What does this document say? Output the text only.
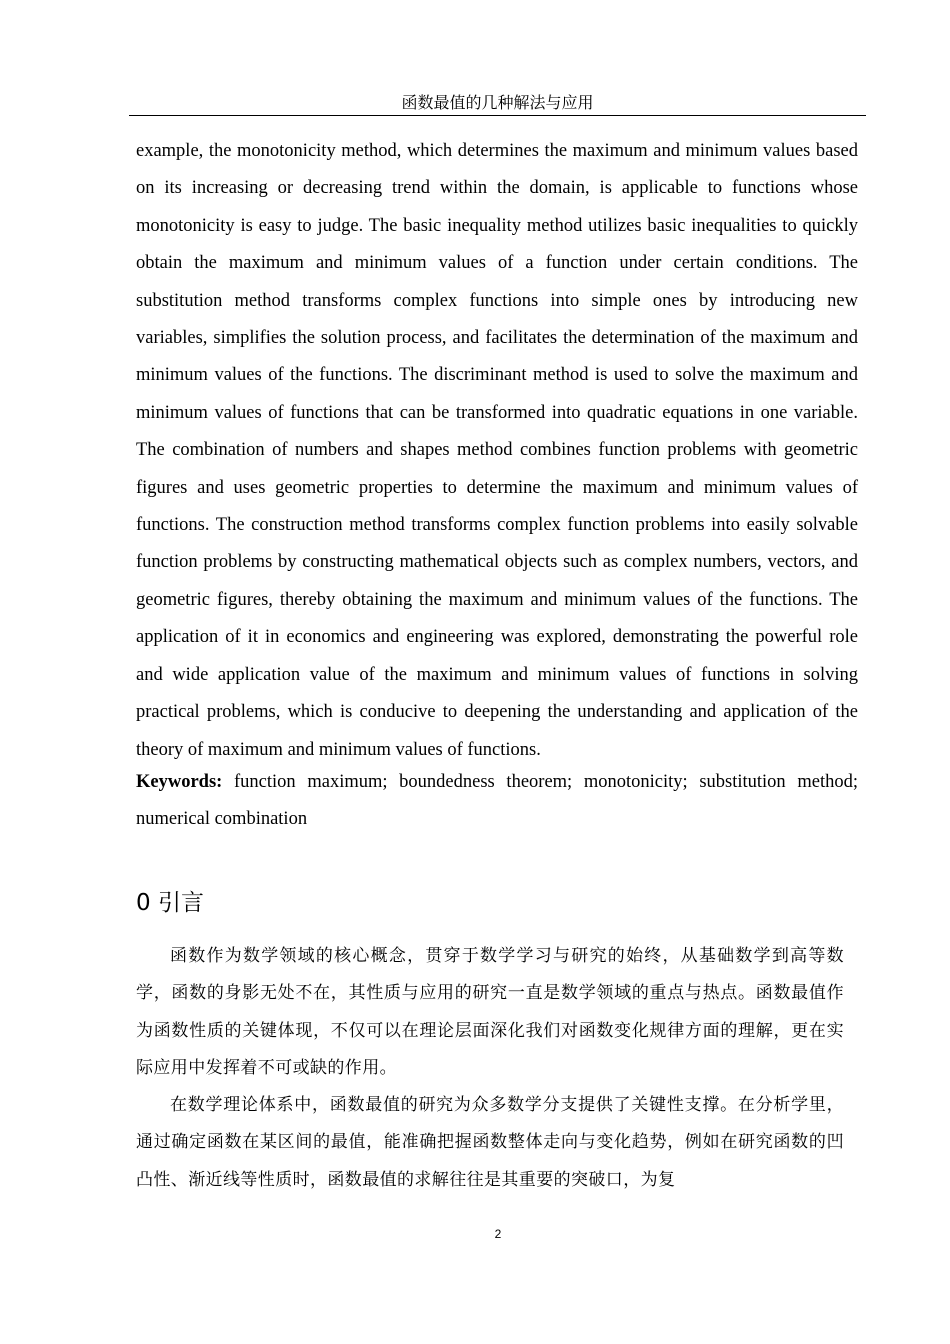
函数最值的几种解法与应用

example, the monotonicity method, which determines the maximum and minimum values based on its increasing or decreasing trend within the domain, is applicable to functions whose monotonicity is easy to judge. The basic inequality method utilizes basic inequalities to quickly obtain the maximum and minimum values of a function under certain conditions. The substitution method transforms complex functions into simple ones by introducing new variables, simplifies the solution process, and facilitates the determination of the maximum and minimum values of the functions. The discriminant method is used to solve the maximum and minimum values of functions that can be transformed into quadratic equations in one variable. The combination of numbers and shapes method combines function problems with geometric figures and uses geometric properties to determine the maximum and minimum values of functions. The construction method transforms complex function problems into easily solvable function problems by constructing mathematical objects such as complex numbers, vectors, and geometric figures, thereby obtaining the maximum and minimum values of the functions. The application of it in economics and engineering was explored, demonstrating the powerful role and wide application value of the maximum and minimum values of functions in solving practical problems, which is conducive to deepening the understanding and application of the theory of maximum and minimum values of functions.

Keywords: function maximum; boundedness theorem; monotonicity; substitution method; numerical combination

0 引言

函数作为数学领域的核心概念，贯穿于数学学习与研究的始终，从基础数学到高等数学，函数的身影无处不在，其性质与应用的研究一直是数学领域的重点与热点。函数最值作为函数性质的关键体现，不仅可以在理论层面深化我们对函数变化规律方面的理解，更在实际应用中发挥着不可或缺的作用。

在数学理论体系中，函数最值的研究为众多数学分支提供了关键性支撑。在分析学里，通过确定函数在某区间的最值，能准确把握函数整体走向与变化趋势，例如在研究函数的凹凸性、渐近线等性质时，函数最值的求解往往是其重要的突破口，为复

2
